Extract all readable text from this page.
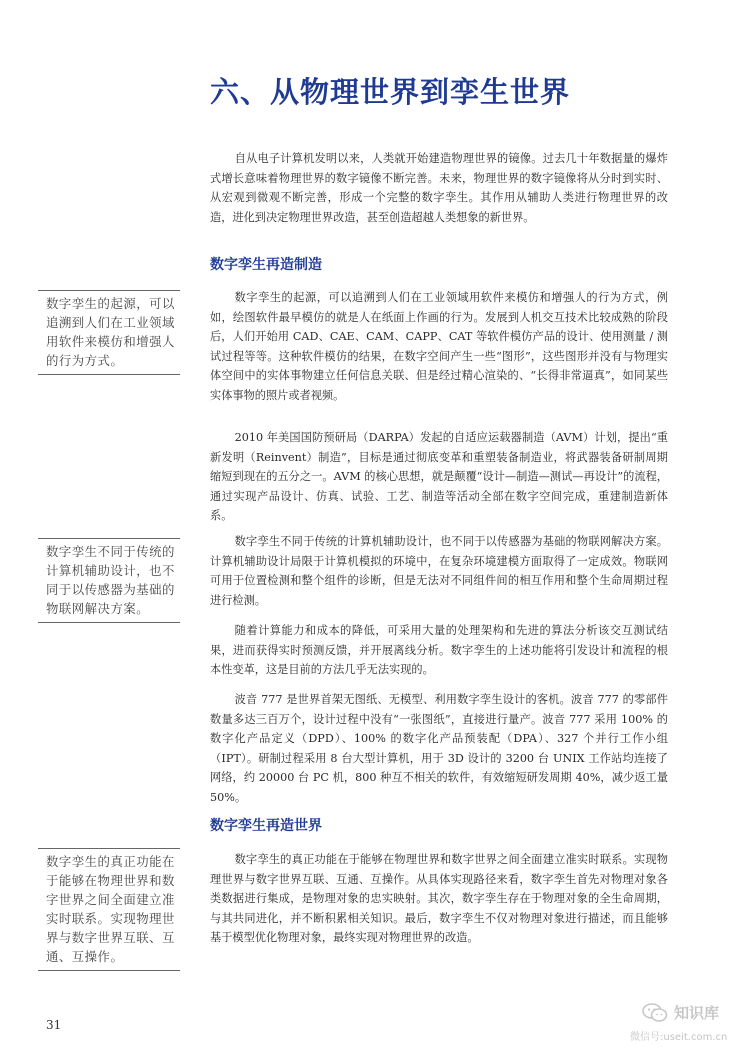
六、从物理世界到孪生世界

自从电子计算机发明以来，人类就开始建造物理世界的镜像。过去几十年数据量的爆炸式增长意味着物理世界的数字镜像不断完善。未来，物理世界的数字镜像将从分时到实时、从宏观到微观不断完善，形成一个完整的数字孪生。其作用从辅助人类进行物理世界的改造，进化到决定物理世界改造，甚至创造超越人类想象的新世界。

数字孪生再造制造

数字孪生的起源，可以追溯到人们在工业领域用软件来模仿和增强人的行为方式，例如，绘图软件最早模仿的就是人在纸面上作画的行为。发展到人机交互技术比较成熟的阶段后，人们开始用 CAD、CAE、CAM、CAPP、CAT 等软件模仿产品的设计、使用测量 / 测试过程等等。这种软件模仿的结果，在数字空间产生一些“图形”，这些图形并没有与物理实体空间中的实体事物建立任何信息关联、但是经过精心渲染的、“长得非常逼真”，如同某些实体事物的照片或者视频。

2010 年美国国防预研局（DARPA）发起的自适应运载器制造（AVM）计划，提出“重新发明（Reinvent）制造”，目标是通过彻底变革和重塑装备制造业，将武器装备研制周期缩短到现在的五分之一。AVM 的核心思想，就是颠覆“设计—制造—测试—再设计”的流程，通过实现产品设计、仿真、试验、工艺、制造等活动全部在数字空间完成，重建制造新体系。

数字孪生不同于传统的计算机辅助设计，也不同于以传感器为基础的物联网解决方案。计算机辅助设计局限于计算机模拟的环境中，在复杂环境建模方面取得了一定成效。物联网可用于位置检测和整个组件的诊断，但是无法对不同组件间的相互作用和整个生命周期过程进行检测。

随着计算能力和成本的降低，可采用大量的处理架构和先进的算法分析该交互测试结果，进而获得实时预测反馈，并开展离线分析。数字孪生的上述功能将引发设计和流程的根本性变革，这是目前的方法几乎无法实现的。

波音 777 是世界首架无图纸、无模型、利用数字孪生设计的客机。波音 777 的零部件数量多达三百万个，设计过程中没有“一张图纸”，直接进行量产。波音 777 采用 100% 的数字化产品定义（DPD）、100% 的数字化产品预装配（DPA）、327 个并行工作小组（IPT）。研制过程采用 8 台大型计算机，用于 3D 设计的 3200 台 UNIX 工作站均连接了网络，约 20000 台 PC 机，800 种互不相关的软件，有效缩短研发周期 40%，减少返工量 50%。

数字孪生再造世界

数字孪生的真正功能在于能够在物理世界和数字世界之间全面建立准实时联系。实现物理世界与数字世界互联、互通、互操作。从具体实现路径来看，数字孪生首先对物理对象各类数据进行集成，是物理对象的忠实映射。其次，数字孪生存在于物理对象的全生命周期，与其共同进化，并不断积累相关知识。最后，数字孪生不仅对物理对象进行描述，而且能够基于模型优化物理对象，最终实现对物理世界的改造。

数字孪生的起源，可以追溯到人们在工业领域用软件来模仿和增强人的行为方式。
数字孪生不同于传统的计算机辅助设计，也不同于以传感器为基础的物联网解决方案。
数字孪生的真正功能在于能够在物理世界和数字世界之间全面建立准实时联系。实现物理世界与数字世界互联、互通、互操作。
31
知识库
微信号:useit.com.cn
